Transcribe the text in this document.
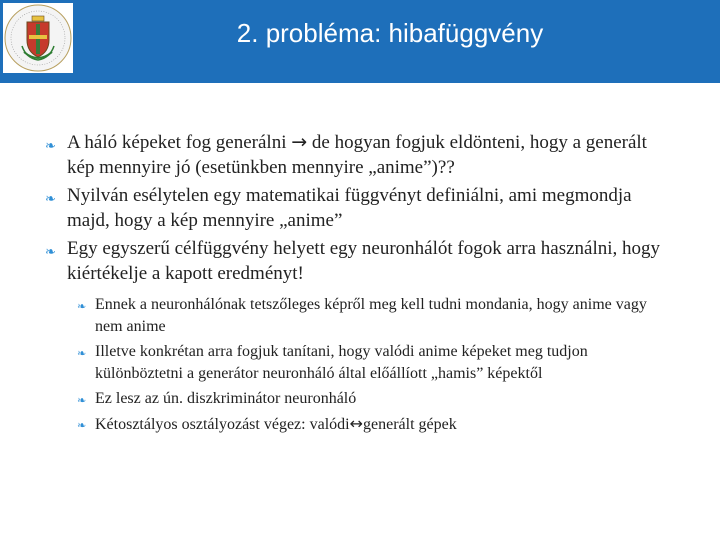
2. probléma: hibafüggvény
❧ A háló képeket fog generálni → de hogyan fogjuk eldönteni, hogy a generált kép mennyire jó (esetünkben mennyire „anime”)??
❧ Nyilván esélytelen egy matematikai függvényt definiálni, ami megmondja majd, hogy a kép mennyire „anime”
❧ Egy egyszerű célfüggvény helyett egy neuronhálót fogok arra használni, hogy kiértékelje a kapott eredményt!
❧ Ennek a neuronhálónak tetszőleges képről meg kell tudni mondania, hogy anime vagy nem anime
❧ Illetve konkrétan arra fogjuk tanítani, hogy valódi anime képeket meg tudjon különböztetni a generátor neuronháló által előállíott „hamis” képektől
❧ Ez lesz az ún. diszkriminátor neuronháló
❧ Kétosztályos osztályozást végez: valódi↔generált gépek
